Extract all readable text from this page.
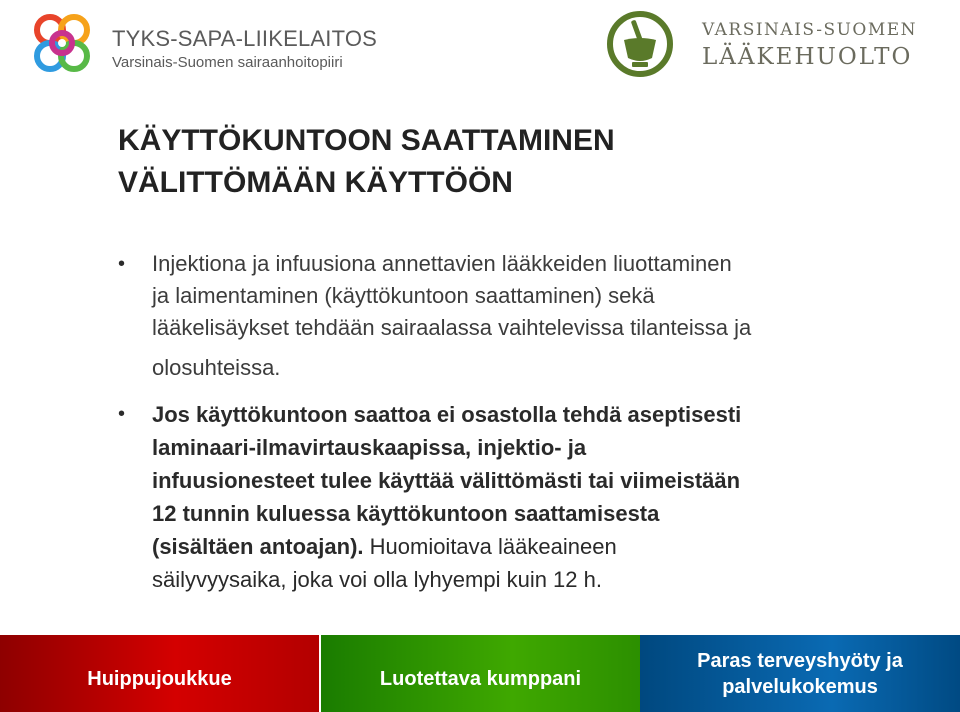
TYKS-SAPA-LIIKELAITOS
Varsinais-Suomen sairaanhoitopiiri
VARSINAIS-SUOMEN
LÄÄKEHUOLTO
KÄYTTÖKUNTOON SAATTAMINEN
VÄLITTÖMÄÄN KÄYTTÖÖN
• Injektiona ja infuusiona annettavien lääkkeiden liuottaminen
ja laimentaminen (käyttökuntoon saattaminen) sekä
lääkelisäykset tehdään sairaalassa vaihtelevissa tilanteissa ja
olosuhteissa.
• Jos käyttökuntoon saattoa ei osastolla tehdä aseptisesti
laminaari-ilmavirtauskaapissa, injektio- ja
infuusionesteet tulee käyttää välittömästi tai viimeistään
12 tunnin kuluessa käyttökuntoon saattamisesta
(sisältäen antoajan). Huomioitava lääkeaineen
säilyvyysaika, joka voi olla lyhyempi kuin 12 h.
Huippujoukkue	Luotettava kumppani
Paras terveyshyöty ja
palvelukokemus
